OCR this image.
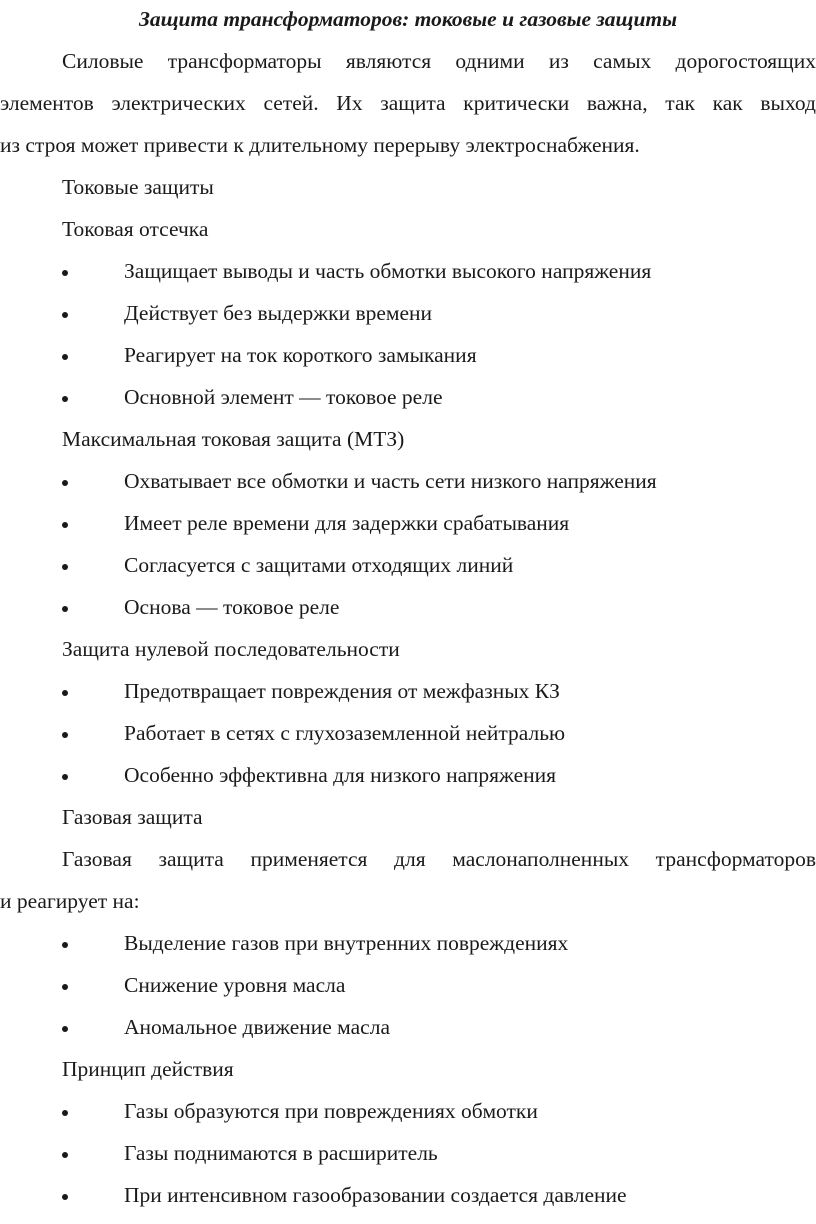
Защита трансформаторов: токовые и газовые защиты
Силовые трансформаторы являются одними из самых дорогостоящих
элементов электрических сетей. Их защита критически важна, так как выход
из строя может привести к длительному перерыву электроснабжения.
Токовые защиты
Токовая отсечка
Защищает выводы и часть обмотки высокого напряжения
Действует без выдержки времени
Реагирует на ток короткого замыкания
Основной элемент — токовое реле
Максимальная токовая защита (МТЗ)
Охватывает все обмотки и часть сети низкого напряжения
Имеет реле времени для задержки срабатывания
Согласуется с защитами отходящих линий
Основа — токовое реле
Защита нулевой последовательности
Предотвращает повреждения от межфазных КЗ
Работает в сетях с глухозаземленной нейтралью
Особенно эффективна для низкого напряжения
Газовая защита
Газовая защита применяется для маслонаполненных трансформаторов
и реагирует на:
Выделение газов при внутренних повреждениях
Снижение уровня масла
Аномальное движение масла
Принцип действия
Газы образуются при повреждениях обмотки
Газы поднимаются в расширитель
При интенсивном газообразовании создается давление
